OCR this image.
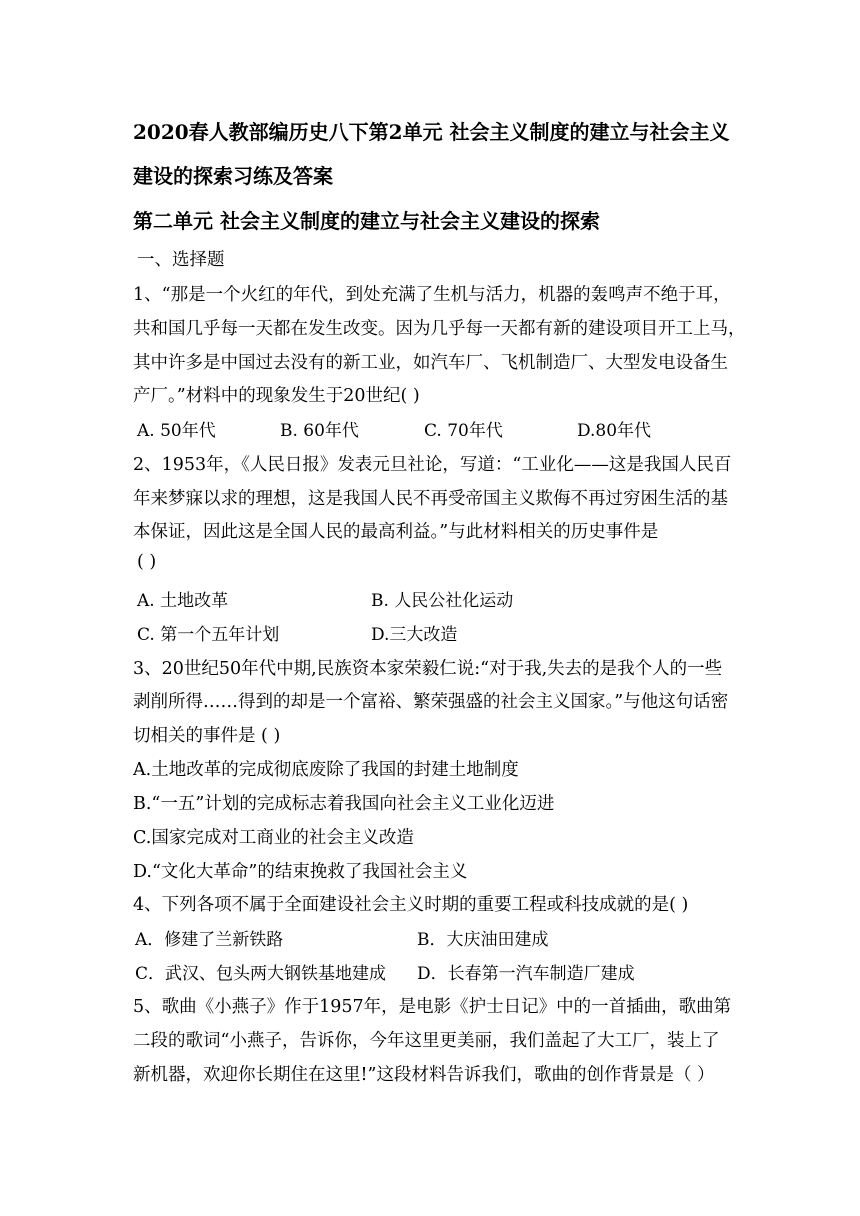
2020春人教部编历史八下第2单元 社会主义制度的建立与社会主义
建设的探索习练及答案
第二单元 社会主义制度的建立与社会主义建设的探索
一、选择题
1、“那是一个火红的年代，到处充满了生机与活力，机器的轰鸣声不绝于耳，
共和国几乎每一天都在发生改变。因为几乎每一天都有新的建设项目开工上马，
其中许多是中国过去没有的新工业，如汽车厂、飞机制造厂、大型发电设备生
产厂。”材料中的现象发生于20世纪( )
A. 50年代	B. 60年代	C. 70年代	D.80年代
2、1953年，《人民日报》发表元旦社论，写道：“工业化——这是我国人民百
年来梦寐以求的理想，这是我国人民不再受帝国主义欺侮不再过穷困生活的基
本保证，因此这是全国人民的最高利益。”与此材料相关的历史事件是
( )
A. 土地改革	B. 人民公社化运动
C. 第一个五年计划	D.三大改造
3、20世纪50年代中期,民族资本家荣毅仁说:“对于我,失去的是我个人的一些
剥削所得……得到的却是一个富裕、繁荣强盛的社会主义国家。”与他这句话密
切相关的事件是 ( )
A.土地改革的完成彻底废除了我国的封建土地制度
B.“一五”计划的完成标志着我国向社会主义工业化迈进
C.国家完成对工商业的社会主义改造
D.“文化大革命”的结束挽救了我国社会主义
4、下列各项不属于全面建设社会主义时期的重要工程或科技成就的是( )
A．修建了兰新铁路	B．大庆油田建成
C．武汉、包头两大钢铁基地建成 D．长春第一汽车制造厂建成
5、歌曲《小燕子》作于1957年，是电影《护士日记》中的一首插曲，歌曲第
二段的歌词“小燕子，告诉你，今年这里更美丽，我们盖起了大工厂，装上了
新机器，欢迎你长期住在这里!”这段材料告诉我们，歌曲的创作背景是（ ）
